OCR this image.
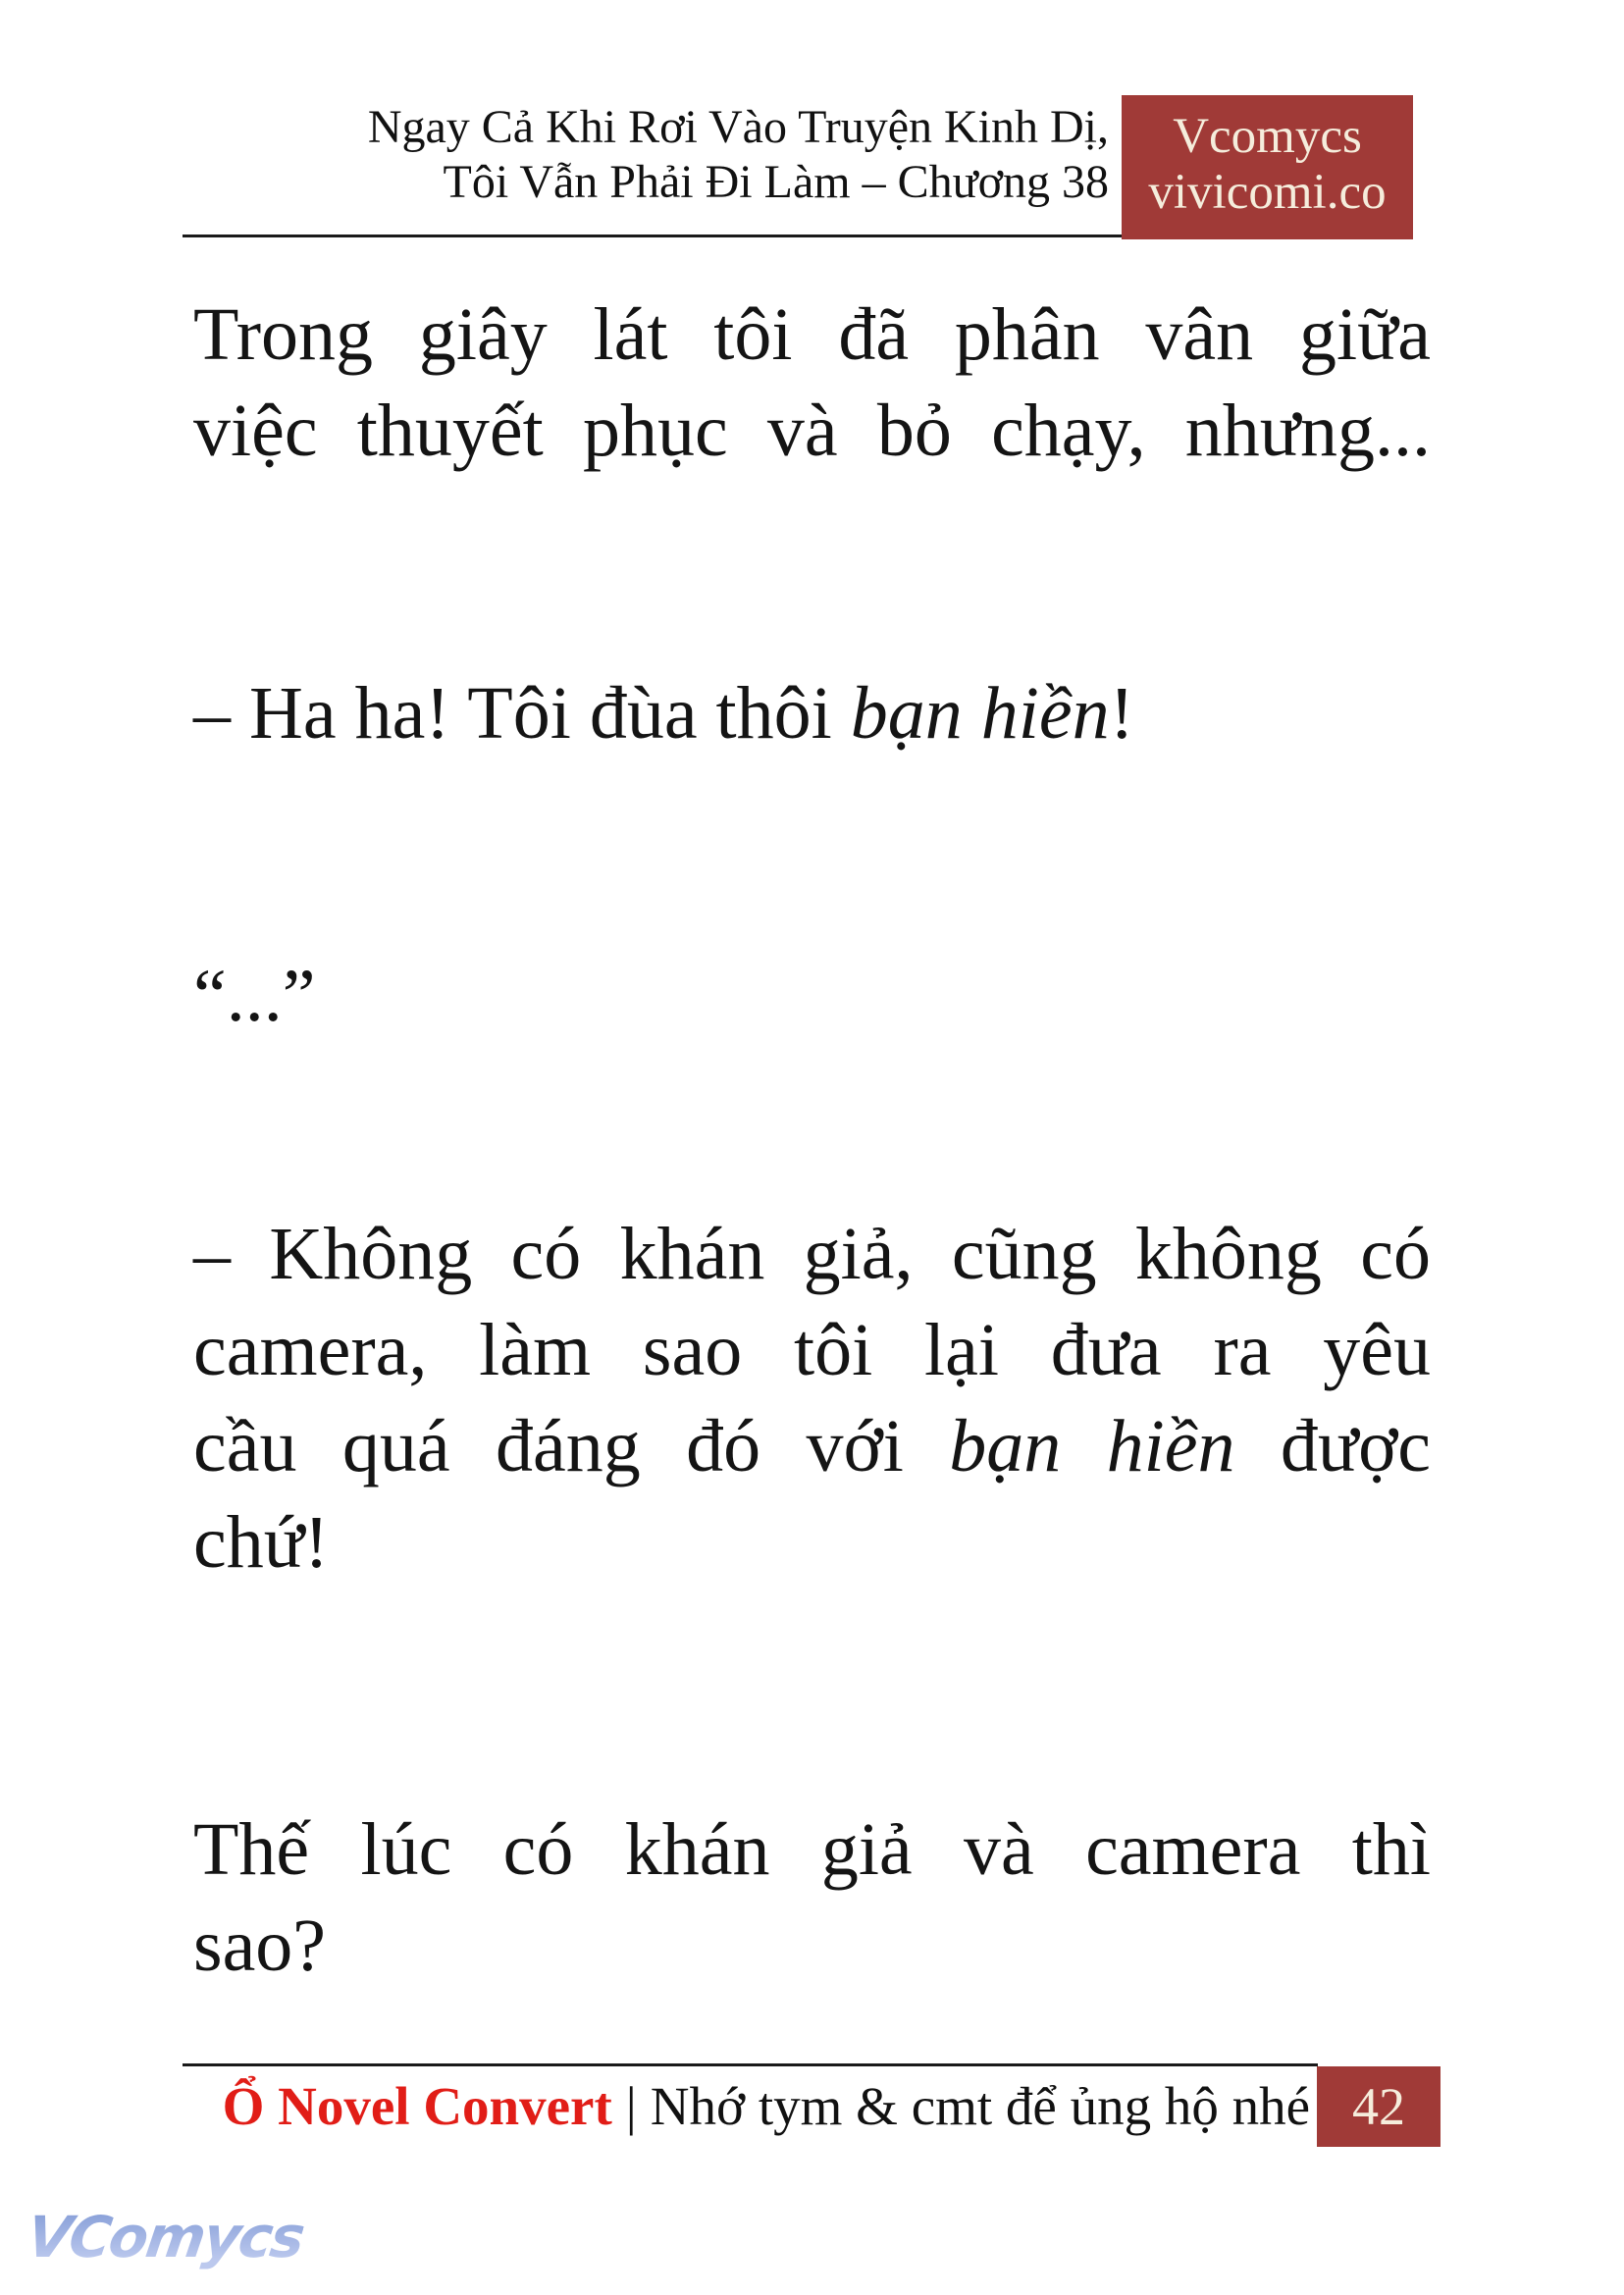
Ngay Cả Khi Rơi Vào Truyện Kinh Dị,
Tôi Vẫn Phải Đi Làm – Chương 38
Vcomycs
vivicomi.co
Trong giây lát tôi đã phân vân giữa
việc thuyết phục và bỏ chạy, nhưng...
– Ha ha! Tôi đùa thôi bạn hiền!
“...”
– Không có khán giả, cũng không có
camera, làm sao tôi lại đưa ra yêu
cầu quá đáng đó với bạn hiền được
chứ!
Thế lúc có khán giả và camera thì
sao?
Ổ Novel Convert | Nhớ tym & cmt để ủng hộ nhé 42
VComycs
